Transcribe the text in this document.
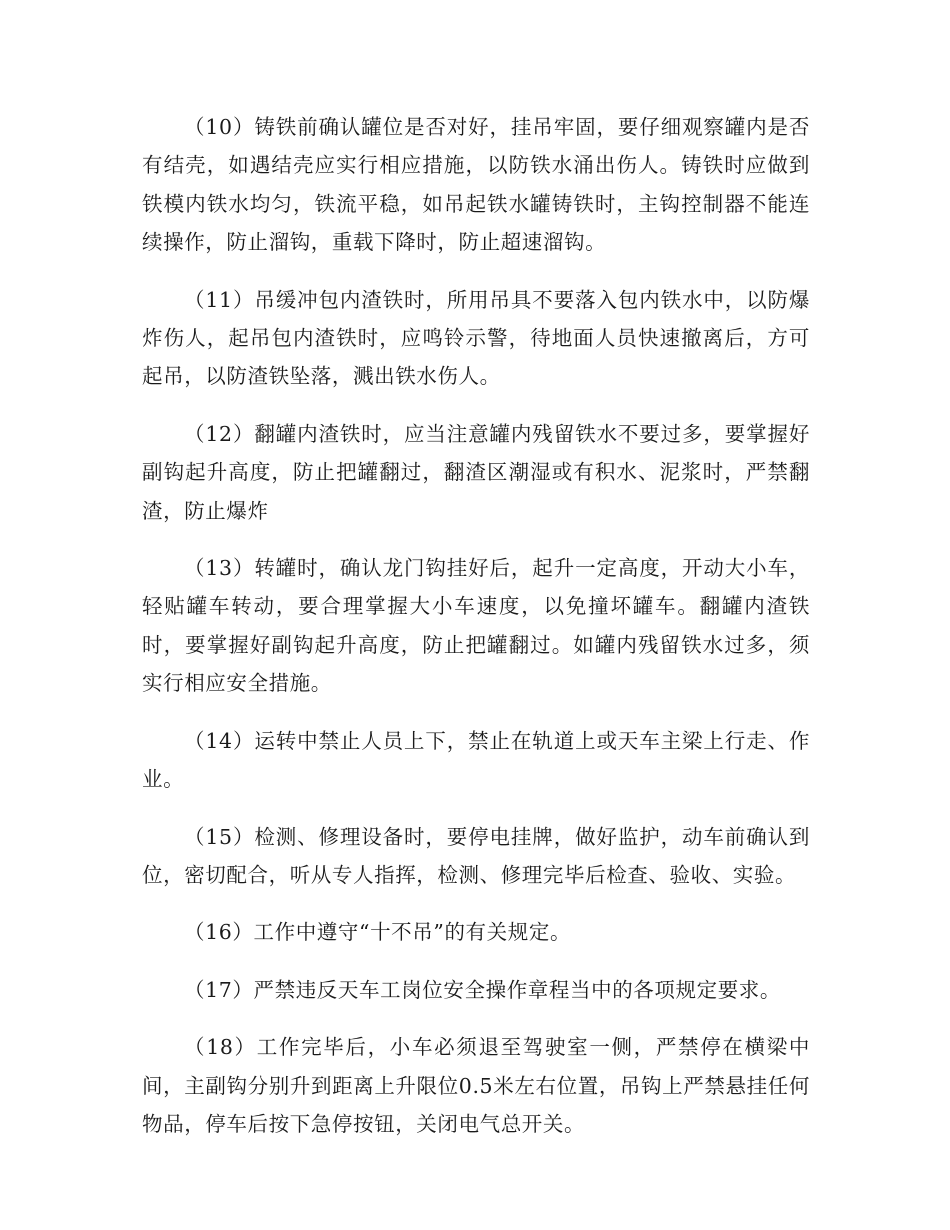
（10）铸铁前确认罐位是否对好，挂吊牢固，要仔细观察罐内是否有结壳，如遇结壳应实行相应措施，以防铁水涌出伤人。铸铁时应做到铁模内铁水均匀，铁流平稳，如吊起铁水罐铸铁时，主钩控制器不能连续操作，防止溜钩，重载下降时，防止超速溜钩。

（11）吊缓冲包内渣铁时，所用吊具不要落入包内铁水中，以防爆炸伤人，起吊包内渣铁时，应鸣铃示警，待地面人员快速撤离后，方可起吊，以防渣铁坠落，溅出铁水伤人。

（12）翻罐内渣铁时，应当注意罐内残留铁水不要过多，要掌握好副钩起升高度，防止把罐翻过，翻渣区潮湿或有积水、泥浆时，严禁翻渣，防止爆炸

（13）转罐时，确认龙门钩挂好后，起升一定高度，开动大小车，轻贴罐车转动，要合理掌握大小车速度，以免撞坏罐车。翻罐内渣铁时，要掌握好副钩起升高度，防止把罐翻过。如罐内残留铁水过多，须实行相应安全措施。

（14）运转中禁止人员上下，禁止在轨道上或天车主梁上行走、作业。

（15）检测、修理设备时，要停电挂牌，做好监护，动车前确认到位，密切配合，听从专人指挥，检测、修理完毕后检查、验收、实验。

（16）工作中遵守“十不吊”的有关规定。

（17）严禁违反天车工岗位安全操作章程当中的各项规定要求。

（18）工作完毕后，小车必须退至驾驶室一侧，严禁停在横梁中间，主副钩分别升到距离上升限位0.5米左右位置，吊钩上严禁悬挂任何物品，停车后按下急停按钮，关闭电气总开关。
